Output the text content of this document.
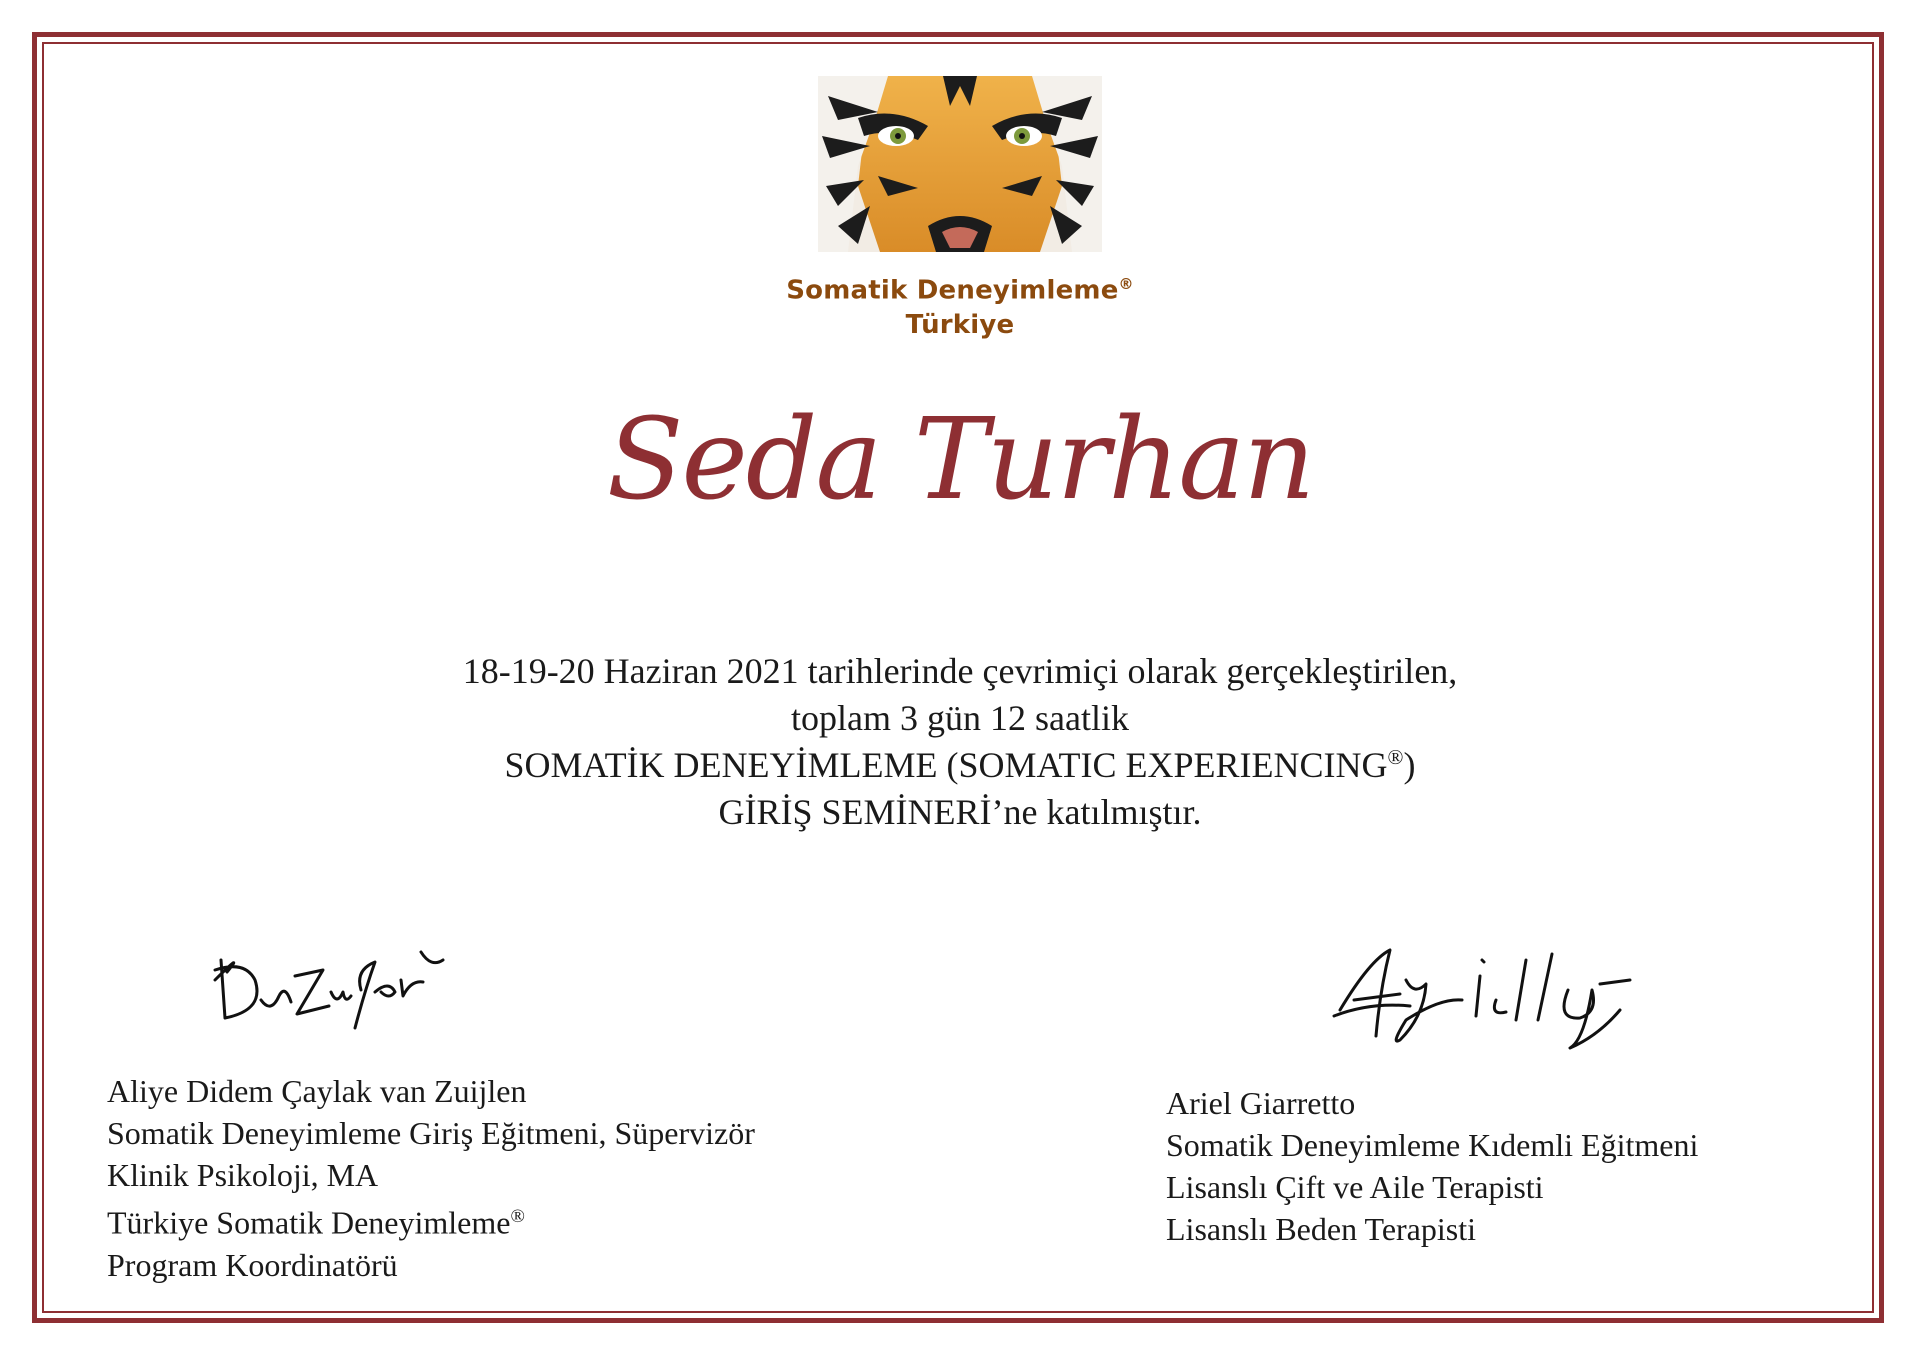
Somatik Deneyimleme®
Türkiye
Seda Turhan
18-19-20 Haziran 2021 tarihlerinde çevrimiçi olarak gerçekleştirilen,
toplam 3 gün 12 saatlik
SOMATİK DENEYİMLEME (SOMATIC EXPERIENCING®)
GİRİŞ SEMİNERİ’ne katılmıştır.
Aliye Didem Çaylak van Zuijlen
Somatik Deneyimleme Giriş Eğitmeni, Süpervizör
Klinik Psikoloji, MA
Türkiye Somatik Deneyimleme®
Program Koordinatörü
Ariel Giarretto
Somatik Deneyimleme Kıdemli Eğitmeni
Lisanslı Çift ve Aile Terapisti
Lisanslı Beden Terapisti
